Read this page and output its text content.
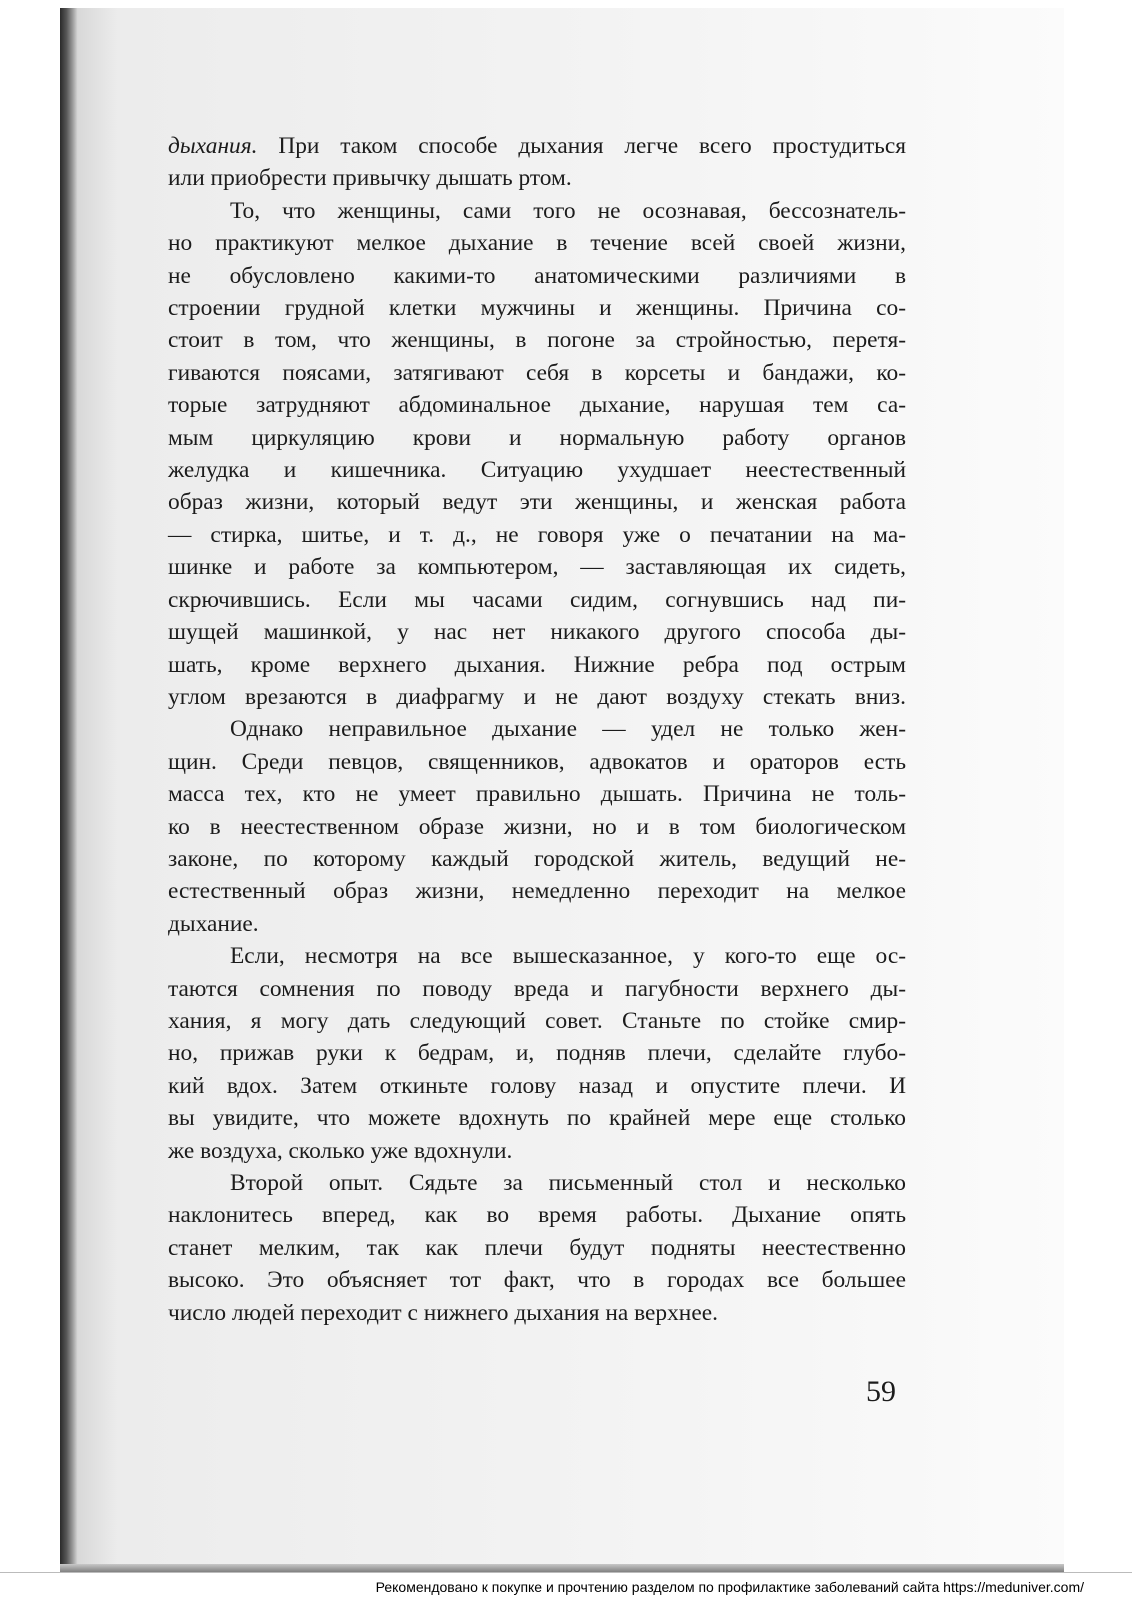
дыхания. При таком способе дыхания легче всего простудиться
или приобрести привычку дышать ртом.
То, что женщины, сами того не осознавая, бессознатель-
но практикуют мелкое дыхание в течение всей своей жизни,
не обусловлено какими-то анатомическими различиями в
строении грудной клетки мужчины и женщины. Причина со-
стоит в том, что женщины, в погоне за стройностью, перетя-
гиваются поясами, затягивают себя в корсеты и бандажи, ко-
торые затрудняют абдоминальное дыхание, нарушая тем са-
мым циркуляцию крови и нормальную работу органов
желудка и кишечника. Ситуацию ухудшает неестественный
образ жизни, который ведут эти женщины, и женская работа
— стирка, шитье, и т. д., не говоря уже о печатании на ма-
шинке и работе за компьютером, — заставляющая их сидеть,
скрючившись. Если мы часами сидим, согнувшись над пи-
шущей машинкой, у нас нет никакого другого способа ды-
шать, кроме верхнего дыхания. Нижние ребра под острым
углом врезаются в диафрагму и не дают воздуху стекать вниз.
Однако неправильное дыхание — удел не только жен-
щин. Среди певцов, священников, адвокатов и ораторов есть
масса тех, кто не умеет правильно дышать. Причина не толь-
ко в неестественном образе жизни, но и в том биологическом
законе, по которому каждый городской житель, ведущий не-
естественный образ жизни, немедленно переходит на мелкое
дыхание.
Если, несмотря на все вышесказанное, у кого-то еще ос-
таются сомнения по поводу вреда и пагубности верхнего ды-
хания, я могу дать следующий совет. Станьте по стойке смир-
но, прижав руки к бедрам, и, подняв плечи, сделайте глубо-
кий вдох. Затем откиньте голову назад и опустите плечи. И
вы увидите, что можете вдохнуть по крайней мере еще столько
же воздуха, сколько уже вдохнули.
Второй опыт. Сядьте за письменный стол и несколько
наклонитесь вперед, как во время работы. Дыхание опять
станет мелким, так как плечи будут подняты неестественно
высоко. Это объясняет тот факт, что в городах все большее
число людей переходит с нижнего дыхания на верхнее.
59
Рекомендовано к покупке и прочтению разделом по профилактике заболеваний сайта https://meduniver.com/
